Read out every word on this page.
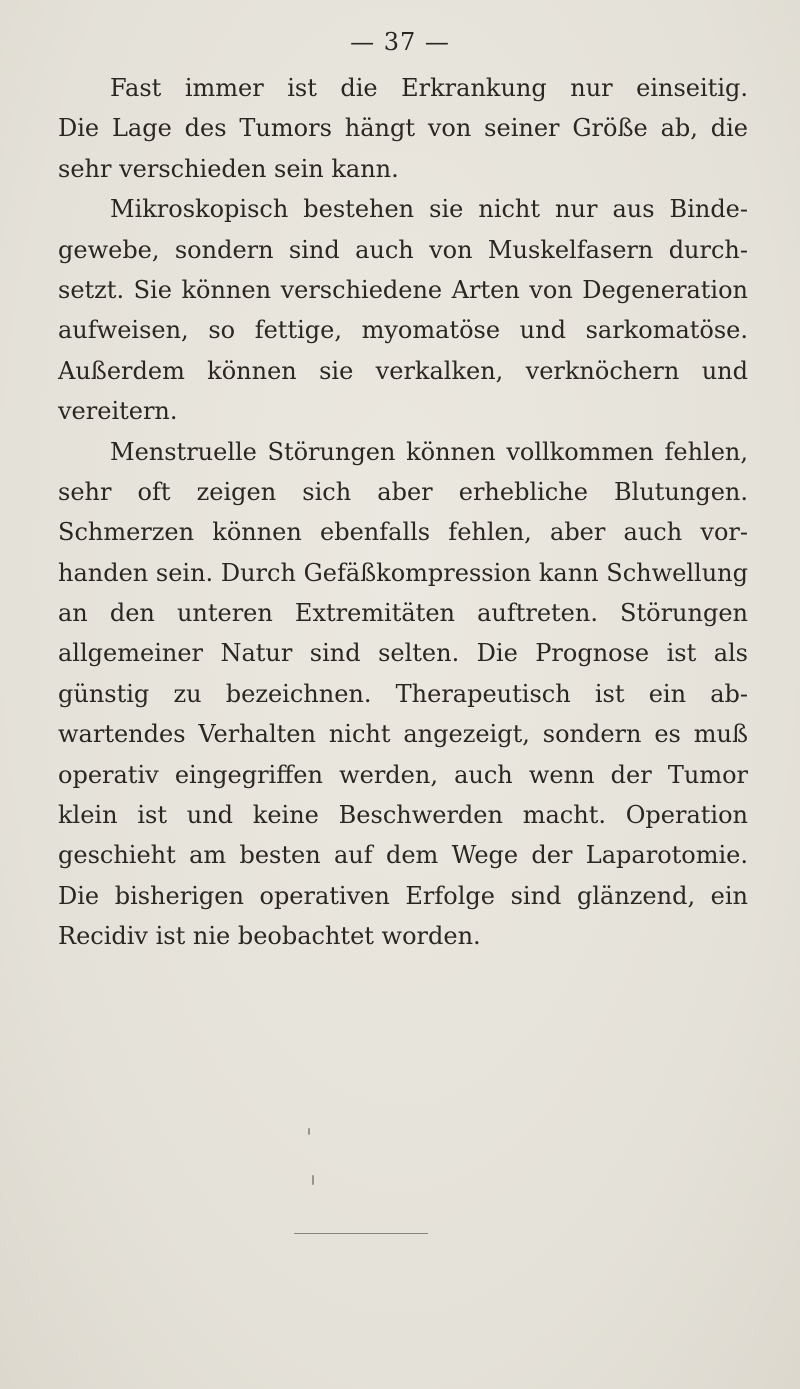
— 37 —
Fast immer ist die Erkrankung nur einseitig.
Die Lage des Tumors hängt von seiner Größe ab, die
sehr verschieden sein kann.
Mikroskopisch bestehen sie nicht nur aus Binde-
gewebe, sondern sind auch von Muskelfasern durch-
setzt. Sie können verschiedene Arten von Degeneration
aufweisen, so fettige, myomatöse und sarkomatöse.
Außerdem können sie verkalken, verknöchern und
vereitern.
Menstruelle Störungen können vollkommen fehlen,
sehr oft zeigen sich aber erhebliche Blutungen.
Schmerzen können ebenfalls fehlen, aber auch vor-
handen sein. Durch Gefäßkompression kann Schwellung
an den unteren Extremitäten auftreten. Störungen
allgemeiner Natur sind selten. Die Prognose ist als
günstig zu bezeichnen. Therapeutisch ist ein ab-
wartendes Verhalten nicht angezeigt, sondern es muß
operativ eingegriffen werden, auch wenn der Tumor
klein ist und keine Beschwerden macht. Operation
geschieht am besten auf dem Wege der Laparotomie.
Die bisherigen operativen Erfolge sind glänzend, ein
Recidiv ist nie beobachtet worden.
